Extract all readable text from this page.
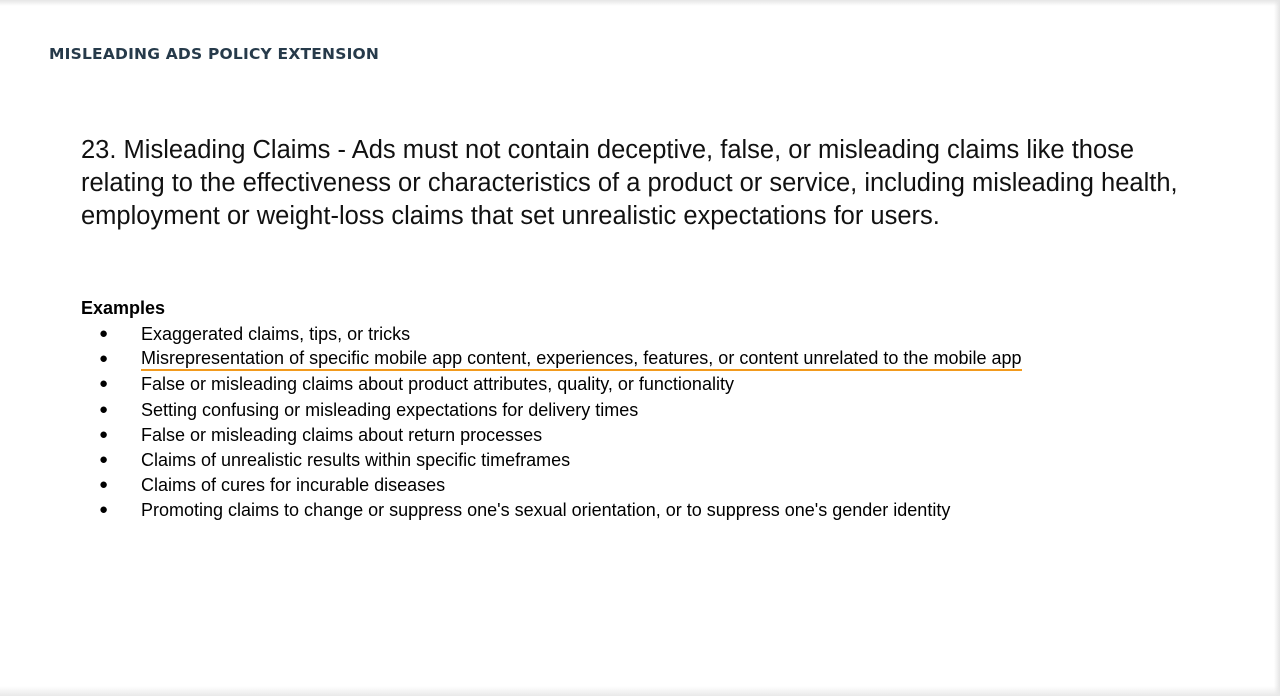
MISLEADING ADS POLICY EXTENSION

23. Misleading Claims - Ads must not contain deceptive, false, or misleading claims like those relating to the effectiveness or characteristics of a product or service, including misleading health, employment or weight-loss claims that set unrealistic expectations for users.

Examples

● Exaggerated claims, tips, or tricks
● Misrepresentation of specific mobile app content, experiences, features, or content unrelated to the mobile app
● False or misleading claims about product attributes, quality, or functionality
● Setting confusing or misleading expectations for delivery times
● False or misleading claims about return processes
● Claims of unrealistic results within specific timeframes
● Claims of cures for incurable diseases
● Promoting claims to change or suppress one's sexual orientation, or to suppress one's gender identity
